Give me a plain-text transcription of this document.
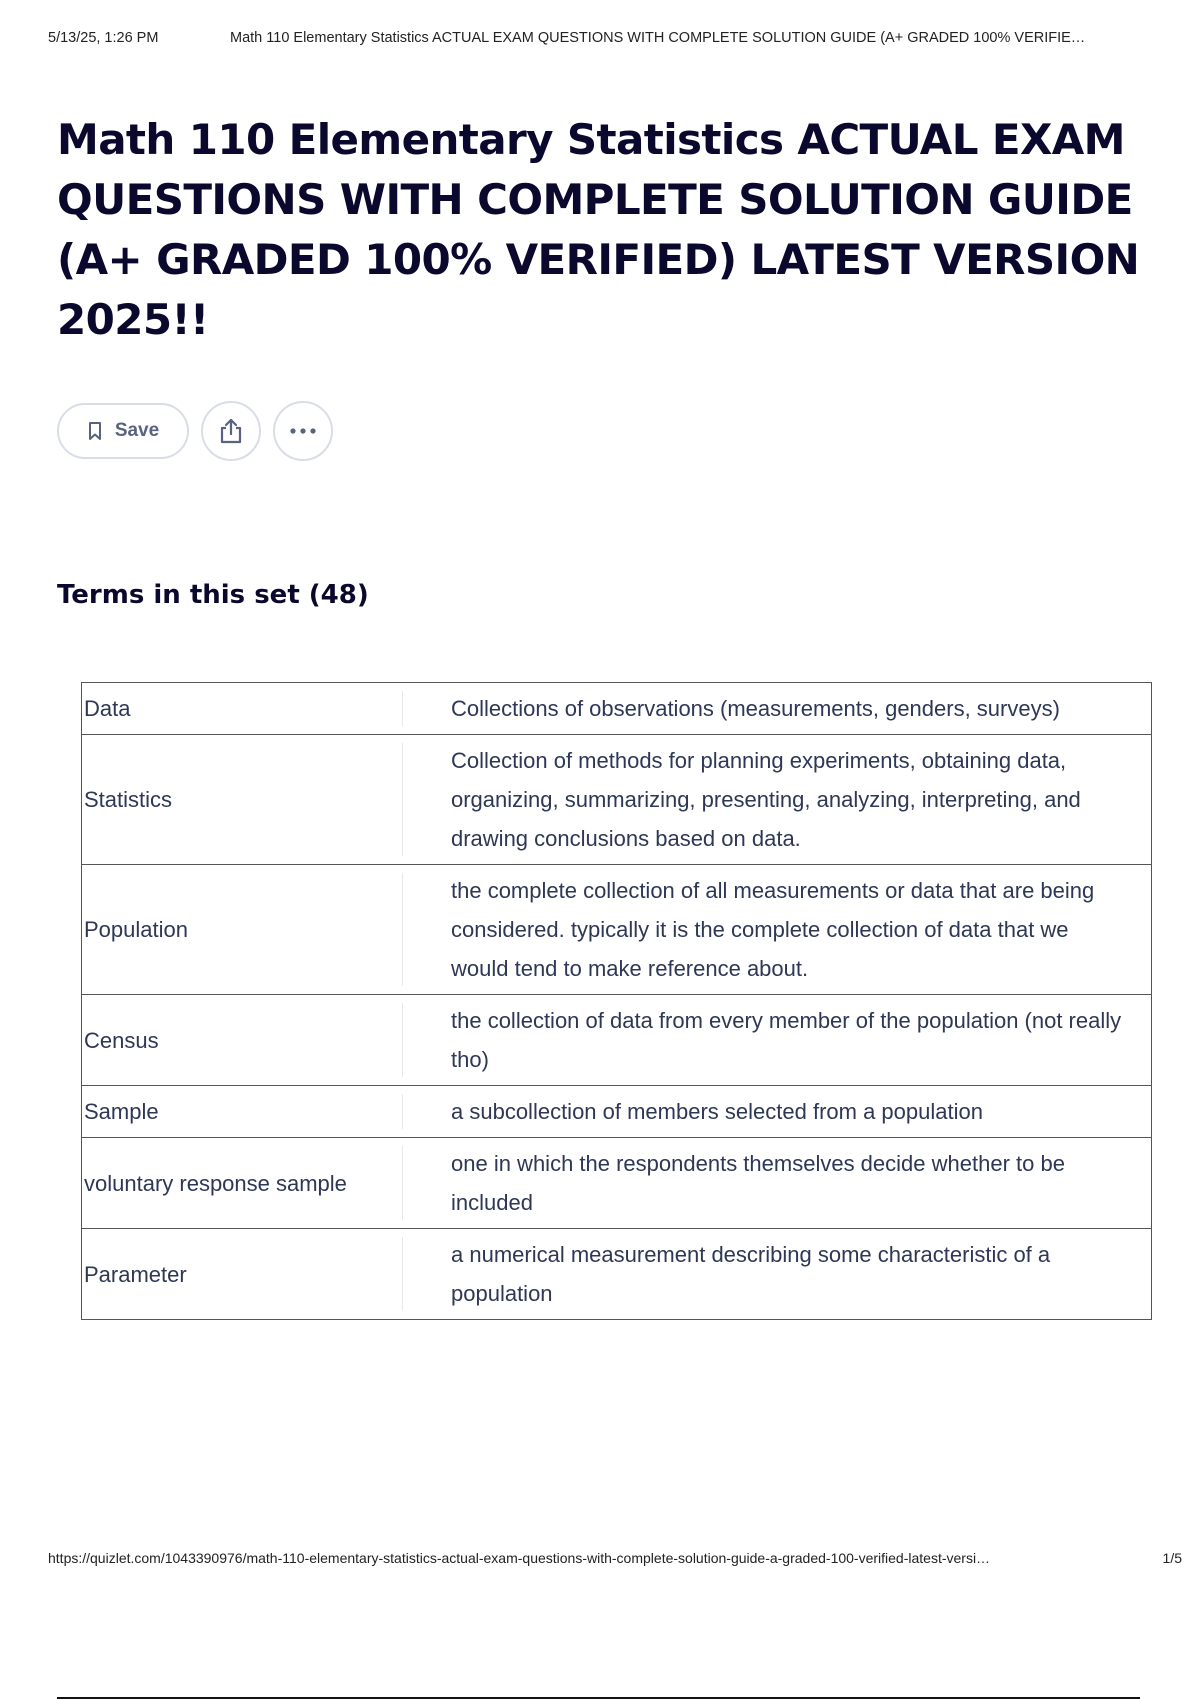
5/13/25, 1:26 PM	Math 110 Elementary Statistics ACTUAL EXAM QUESTIONS WITH COMPLETE SOLUTION GUIDE (A+ GRADED 100% VERIFIE…
Math 110 Elementary Statistics ACTUAL EXAM QUESTIONS WITH COMPLETE SOLUTION GUIDE (A+ GRADED 100% VERIFIED) LATEST VERSION 2025!!
Save
Terms in this set (48)
Data	Collections of observations (measurements, genders, surveys)
Statistics	Collection of methods for planning experiments, obtaining data, organizing, summarizing, presenting, analyzing, interpreting, and drawing conclusions based on data.
Population	the complete collection of all measurements or data that are being considered. typically it is the complete collection of data that we would tend to make reference about.
Census	the collection of data from every member of the population (not really tho)
Sample	a subcollection of members selected from a population
voluntary response sample	one in which the respondents themselves decide whether to be included
Parameter	a numerical measurement describing some characteristic of a population
https://quizlet.com/1043390976/math-110-elementary-statistics-actual-exam-questions-with-complete-solution-guide-a-graded-100-verified-latest-versi…	1/5
